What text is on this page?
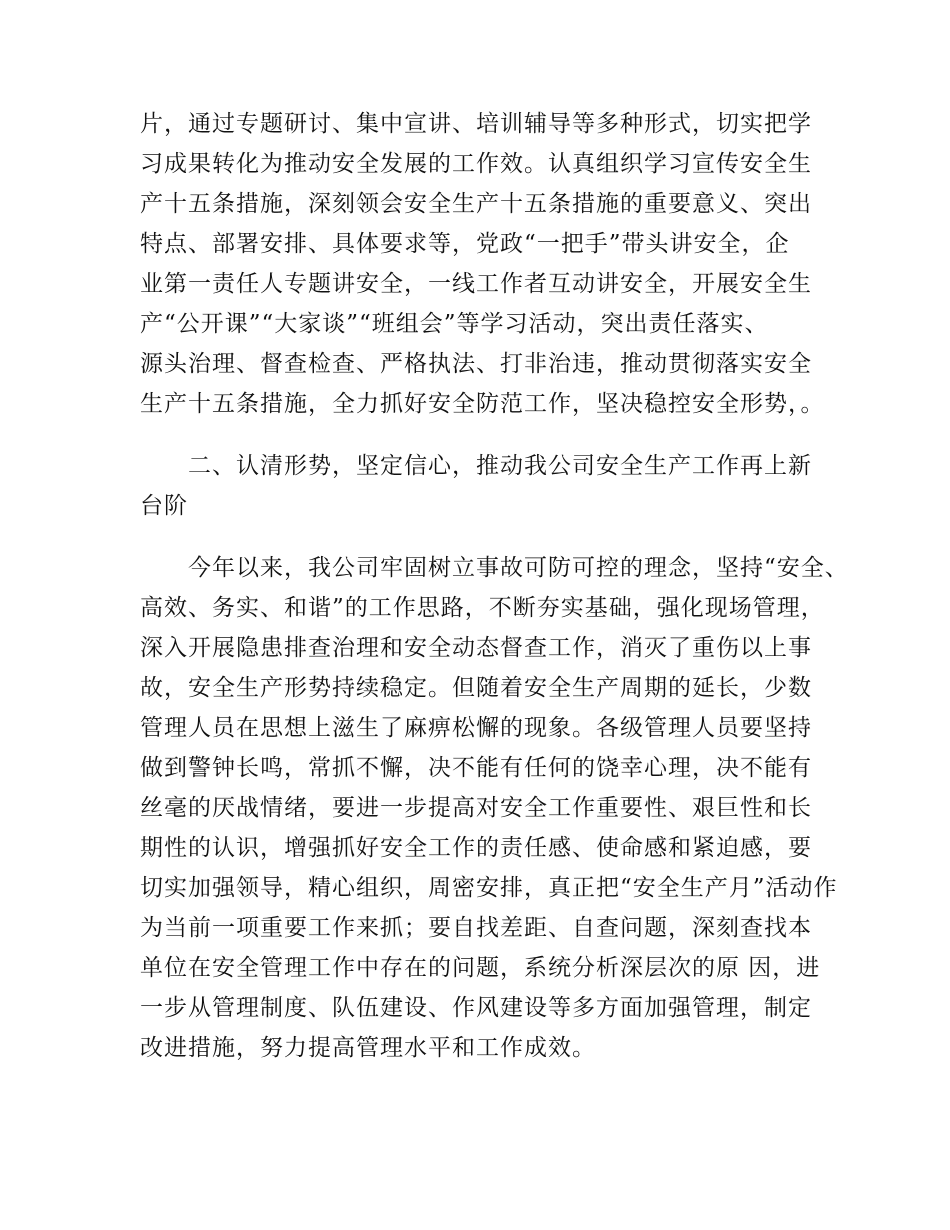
片，通过专题研讨、集中宣讲、培训辅导等多种形式，切实把学
习成果转化为推动安全发展的工作效。认真组织学习宣传安全生
产十五条措施，深刻领会安全生产十五条措施的重要意义、突出
特点、部署安排、具体要求等，党政“一把手”带头讲安全，企
业第一责任人专题讲安全，一线工作者互动讲安全，开展安全生
产“公开课”“大家谈”“班组会”等学习活动，突出责任落实、
源头治理、督查检查、严格执法、打非治违，推动贯彻落实安全
生产十五条措施，全力抓好安全防范工作，坚决稳控安全形势，。
　　二、认清形势，坚定信心，推动我公司安全生产工作再上新
台阶
　　今年以来，我公司牢固树立事故可防可控的理念，坚持“安全、
高效、务实、和谐”的工作思路，不断夯实基础，强化现场管理，
深入开展隐患排查治理和安全动态督查工作，消灭了重伤以上事
故，安全生产形势持续稳定。但随着安全生产周期的延长，少数
管理人员在思想上滋生了麻痹松懈的现象。各级管理人员要坚持
做到警钟长鸣，常抓不懈，决不能有任何的饶幸心理，决不能有
丝毫的厌战情绪，要进一步提高对安全工作重要性、艰巨性和长
期性的认识，增强抓好安全工作的责任感、使命感和紧迫感，要
切实加强领导，精心组织，周密安排，真正把“安全生产月”活动作
为当前一项重要工作来抓；要自找差距、自查问题，深刻查找本
单位在安全管理工作中存在的问题，系统分析深层次的原 因，进
一步从管理制度、队伍建设、作风建设等多方面加强管理，制定
改进措施，努力提高管理水平和工作成效。
